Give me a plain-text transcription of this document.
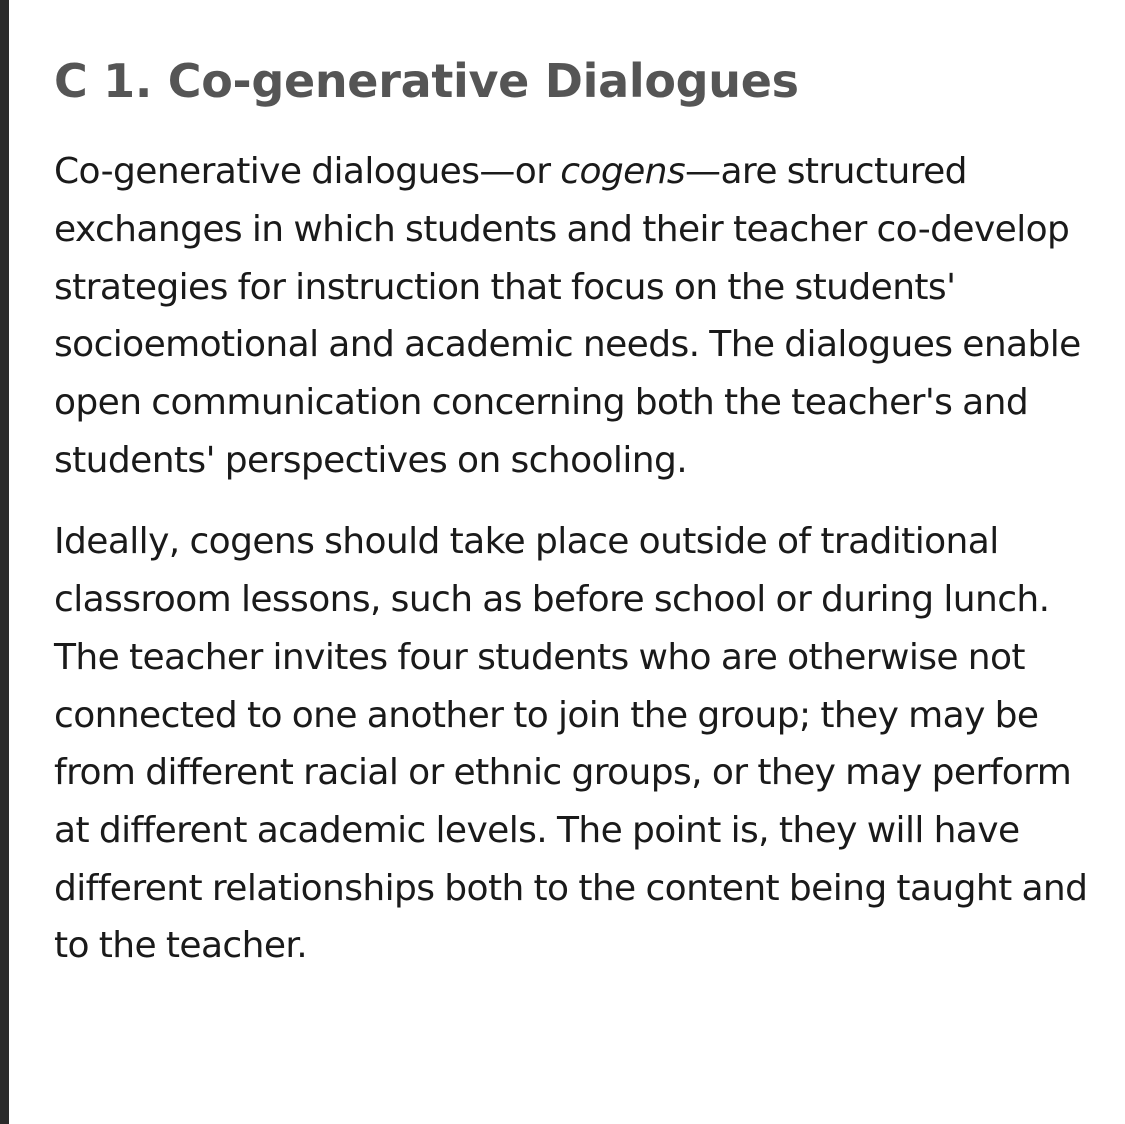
C 1. Co-generative Dialogues

Co-generative dialogues—or cogens—are structured exchanges in which students and their teacher co-develop strategies for instruction that focus on the students' socioemotional and academic needs. The dialogues enable open communication concerning both the teacher's and students' perspectives on schooling.

Ideally, cogens should take place outside of traditional classroom lessons, such as before school or during lunch. The teacher invites four students who are otherwise not connected to one another to join the group; they may be from different racial or ethnic groups, or they may perform at different academic levels. The point is, they will have different relationships both to the content being taught and to the teacher.
